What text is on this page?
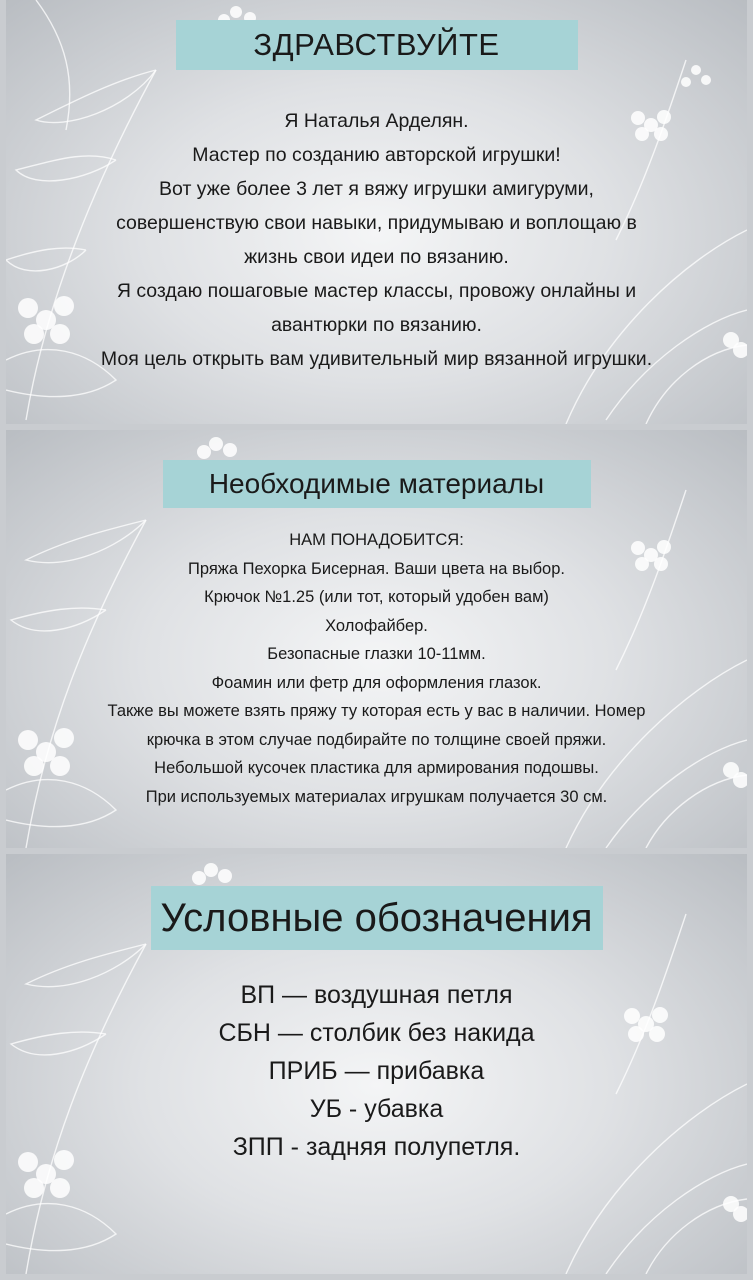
ЗДРАВСТВУЙТЕ
Я Наталья Арделян.
Мастер по созданию авторской игрушки!
Вот уже более 3 лет я вяжу игрушки амигуруми,
совершенствую свои навыки, придумываю и воплощаю в
жизнь свои идеи по вязанию.
Я создаю пошаговые мастер классы, провожу онлайны и
авантюрки по вязанию.
Моя цель открыть вам удивительный мир вязанной игрушки.
Необходимые материалы
НАМ ПОНАДОБИТСЯ:
Пряжа Пехорка Бисерная. Ваши цвета на выбор.
Крючок №1.25 (или тот, который удобен вам)
Холофайбер.
Безопасные глазки 10-11мм.
Фоамин или фетр для оформления глазок.
Также вы можете взять пряжу ту которая есть у вас в наличии. Номер
крючка в этом случае подбирайте по толщине своей пряжи.
Небольшой кусочек пластика для армирования подошвы.
При используемых материалах игрушкам получается 30 см.
Условные обозначения
ВП — воздушная петля
СБН — столбик без накида
ПРИБ — прибавка
УБ - убавка
ЗПП - задняя полупетля.
